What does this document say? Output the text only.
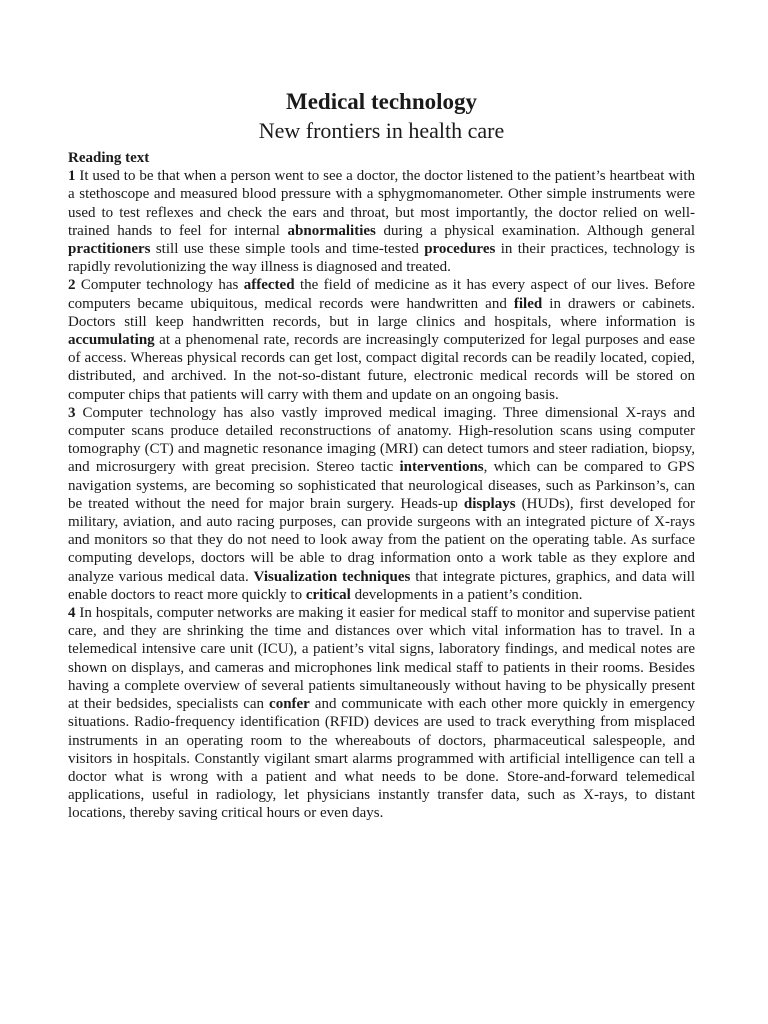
Medical technology
New frontiers in health care
Reading text

1 It used to be that when a person went to see a doctor, the doctor listened to the patient’s heartbeat with a stethoscope and measured blood pressure with a sphygmomanometer. Other simple instruments were used to test reflexes and check the ears and throat, but most importantly, the doctor relied on well-trained hands to feel for internal abnormalities during a physical examination. Although general practitioners still use these simple tools and time-tested procedures in their practices, technology is rapidly revolutionizing the way illness is diagnosed and treated.

2 Computer technology has affected the field of medicine as it has every aspect of our lives. Before computers became ubiquitous, medical records were handwritten and filed in drawers or cabinets. Doctors still keep handwritten records, but in large clinics and hospitals, where information is accumulating at a phenomenal rate, records are increasingly computerized for legal purposes and ease of access. Whereas physical records can get lost, compact digital records can be readily located, copied, distributed, and archived. In the not-so-distant future, electronic medical records will be stored on computer chips that patients will carry with them and update on an ongoing basis.

3 Computer technology has also vastly improved medical imaging. Three dimensional X-rays and computer scans produce detailed reconstructions of anatomy. High-resolution scans using computer tomography (CT) and magnetic resonance imaging (MRI) can detect tumors and steer radiation, biopsy, and microsurgery with great precision. Stereo tactic interventions, which can be compared to GPS navigation systems, are becoming so sophisticated that neurological diseases, such as Parkinson’s, can be treated without the need for major brain surgery. Heads-up displays (HUDs), first developed for military, aviation, and auto racing purposes, can provide surgeons with an integrated picture of X-rays and monitors so that they do not need to look away from the patient on the operating table. As surface computing develops, doctors will be able to drag information onto a work table as they explore and analyze various medical data. Visualization techniques that integrate pictures, graphics, and data will enable doctors to react more quickly to critical developments in a patient’s condition.

4 In hospitals, computer networks are making it easier for medical staff to monitor and supervise patient care, and they are shrinking the time and distances over which vital information has to travel. In a telemedical intensive care unit (ICU), a patient’s vital signs, laboratory findings, and medical notes are shown on displays, and cameras and microphones link medical staff to patients in their rooms. Besides having a complete overview of several patients simultaneously without having to be physically present at their bedsides, specialists can confer and communicate with each other more quickly in emergency situations. Radio-frequency identification (RFID) devices are used to track everything from misplaced instruments in an operating room to the whereabouts of doctors, pharmaceutical salespeople, and visitors in hospitals. Constantly vigilant smart alarms programmed with artificial intelligence can tell a doctor what is wrong with a patient and what needs to be done. Store-and-forward telemedical applications, useful in radiology, let physicians instantly transfer data, such as X-rays, to distant locations, thereby saving critical hours or even days.
